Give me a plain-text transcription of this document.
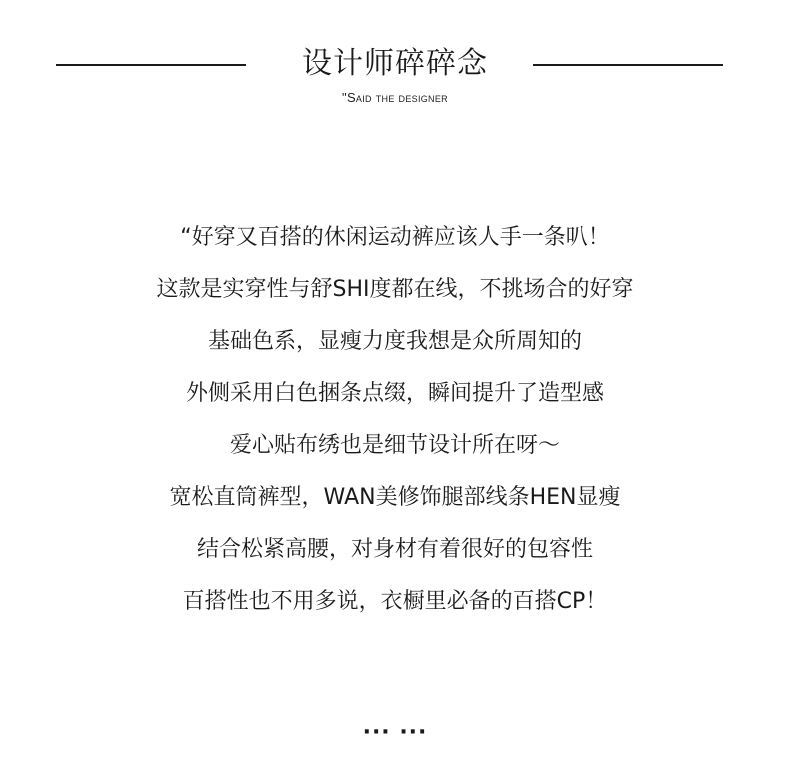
设计师碎碎念
"Said the designer
“好穿又百搭的休闲运动裤应该人手一条叭！
这款是实穿性与舒SHI度都在线，不挑场合的好穿
基础色系，显瘦力度我想是众所周知的
外侧采用白色捆条点缀，瞬间提升了造型感
爱心贴布绣也是细节设计所在呀～
宽松直筒裤型，WAN美修饰腿部线条HEN显瘦
结合松紧高腰，对身材有着很好的包容性
百搭性也不用多说，衣橱里必备的百搭CP！
··· ···
